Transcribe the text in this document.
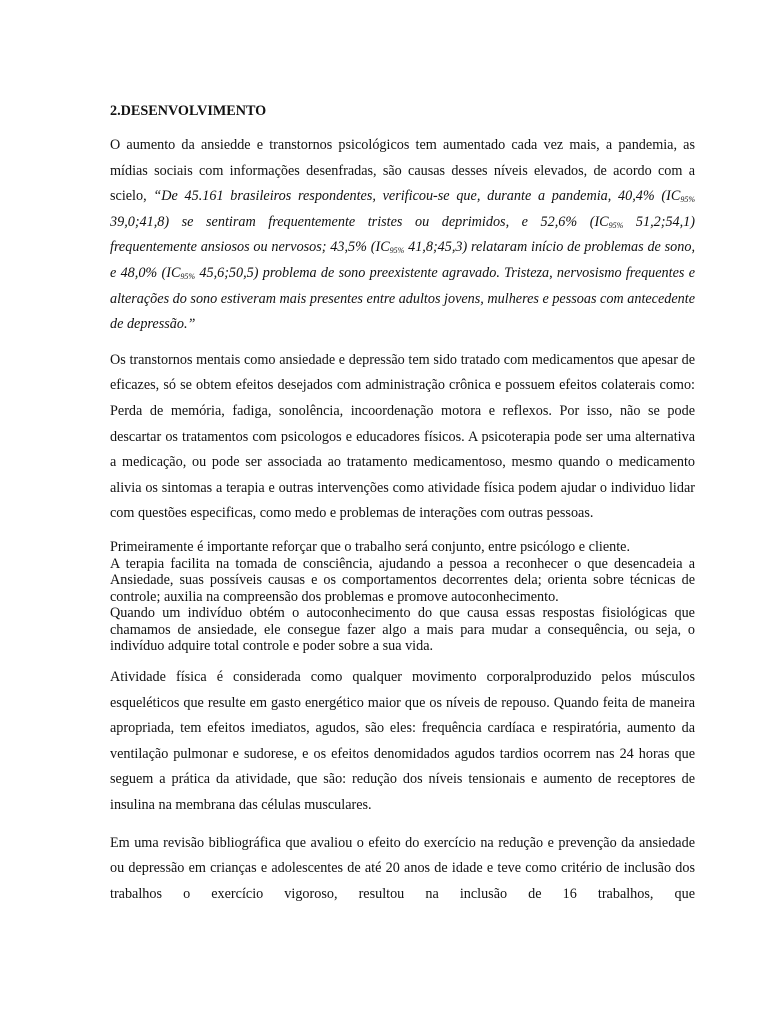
2.DESENVOLVIMENTO

O aumento da ansiedde e transtornos psicológicos tem aumentado cada vez mais, a pandemia, as mídias sociais com informações desenfradas, são causas desses níveis elevados, de acordo com a scielo, “De 45.161 brasileiros respondentes, verificou-se que, durante a pandemia, 40,4% ($IC_{95\%}$ 39,0;41,8) se sentiram frequentemente tristes ou deprimidos, e 52,6% ($IC_{95\%}$ 51,2;54,1) frequentemente ansiosos ou nervosos; 43,5% ($IC_{95\%}$ 41,8;45,3) relataram início de problemas de sono, e 48,0% ($IC_{95\%}$ 45,6;50,5) problema de sono preexistente agravado. Tristeza, nervosismo frequentes e alterações do sono estiveram mais presentes entre adultos jovens, mulheres e pessoas com antecedente de depressão.”

Os transtornos mentais como ansiedade e depressão tem sido tratado com medicamentos que apesar de eficazes, só se obtem efeitos desejados com administração crônica e possuem efeitos colaterais como: Perda de memória, fadiga, sonolência, incoordenação motora e reflexos. Por isso, não se pode descartar os tratamentos com psicologos e educadores físicos. A psicoterapia pode ser uma alternativa a medicação, ou pode ser associada ao tratamento medicamentoso, mesmo quando o medicamento alivia os sintomas a terapia e outras intervenções como atividade física podem ajudar o individuo lidar com questões especificas, como medo e problemas de interações com outras pessoas.

Primeiramente é importante reforçar que o trabalho será conjunto, entre psicólogo e cliente.

A terapia facilita na tomada de consciência, ajudando a pessoa a reconhecer o que desencadeia a Ansiedade, suas possíveis causas e os comportamentos decorrentes dela; orienta sobre técnicas de controle; auxilia na compreensão dos problemas e promove autoconhecimento.

Quando um indivíduo obtém o autoconhecimento do que causa essas respostas fisiológicas que chamamos de ansiedade, ele consegue fazer algo a mais para mudar a consequência, ou seja, o indivíduo adquire total controle e poder sobre a sua vida.

Atividade física é considerada como qualquer movimento corporalproduzido pelos músculos esqueléticos que resulte em gasto energético maior que os níveis de repouso. Quando feita de maneira apropriada, tem efeitos imediatos, agudos, são eles: frequência cardíaca e respiratória, aumento da ventilação pulmonar e sudorese, e os efeitos denomidados agudos tardios ocorrem nas 24 horas que seguem a prática da atividade, que são: redução dos níveis tensionais e aumento de receptores de insulina na membrana das células musculares.

Em uma revisão bibliográfica que avaliou o efeito do exercício na redução e prevenção da ansiedade ou depressão em crianças e adolescentes de até 20 anos de idade e teve como critério de inclusão dos trabalhos o exercício vigoroso, resultou na inclusão de 16 trabalhos, que
